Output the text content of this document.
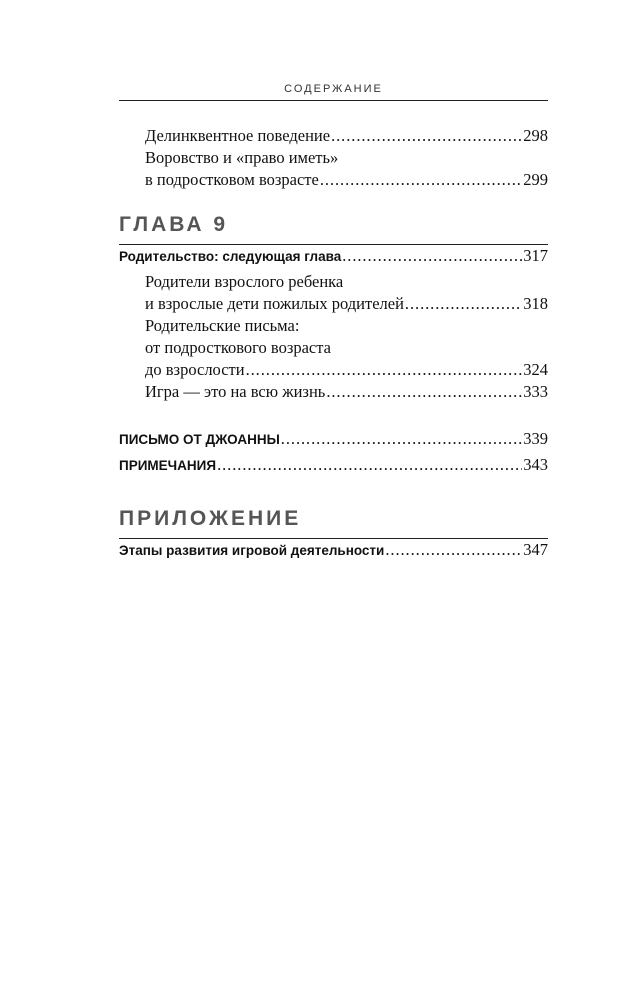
СОДЕРЖАНИЕ
Делинквентное поведение . . .	298
Воровство и «право иметь»
в подростковом возрасте . . .	299
ГЛАВА 9
Родительство: следующая глава . . .	317
Родители взрослого ребенка
и взрослые дети пожилых родителей . . .	318
Родительские письма:
от подросткового возраста
до взрослости . . .	324
Игра — это на всю жизнь . . .	333
ПИСЬМО ОТ ДЖОАННЫ . . .	339
ПРИМЕЧАНИЯ . . .	343
ПРИЛОЖЕНИЕ
Этапы развития игровой деятельности . . .	347
